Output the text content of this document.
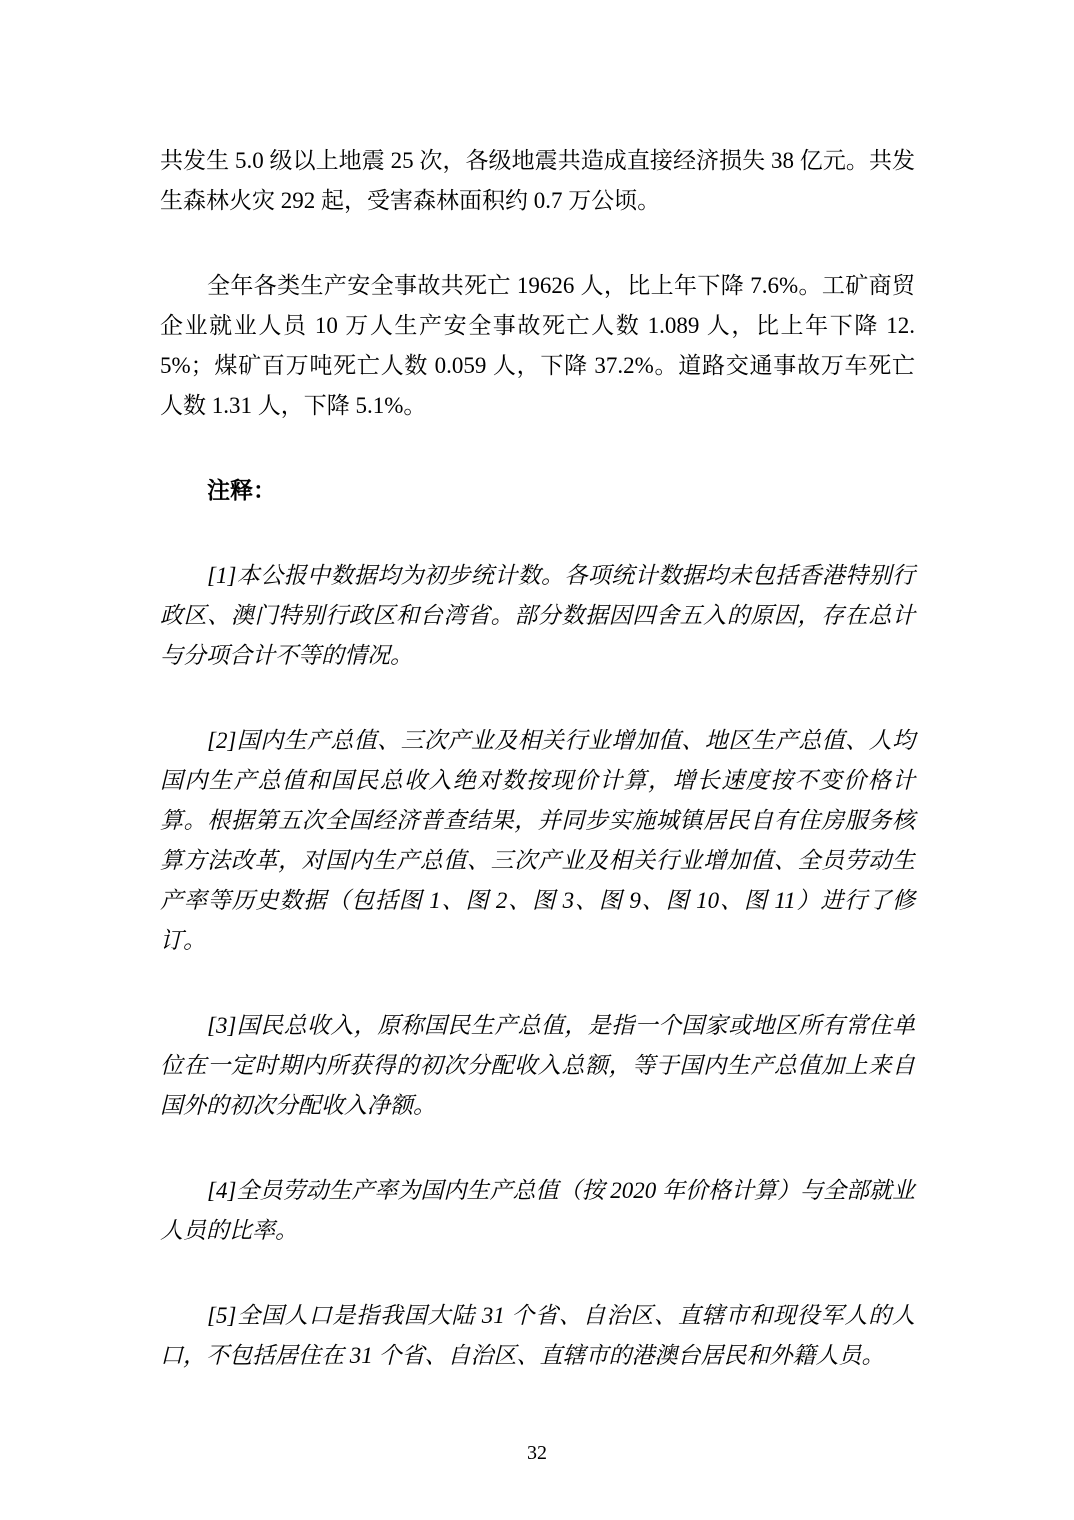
共发生 5.0 级以上地震 25 次，各级地震共造成直接经济损失 38 亿元。共发生森林火灾 292 起，受害森林面积约 0.7 万公顷。

全年各类生产安全事故共死亡 19626 人，比上年下降 7.6%。工矿商贸企业就业人员 10 万人生产安全事故死亡人数 1.089 人，比上年下降 12.5%；煤矿百万吨死亡人数 0.059 人，下降 37.2%。道路交通事故万车死亡人数 1.31 人，下降 5.1%。

注释：

[1]本公报中数据均为初步统计数。各项统计数据均未包括香港特别行政区、澳门特别行政区和台湾省。部分数据因四舍五入的原因，存在总计与分项合计不等的情况。

[2]国内生产总值、三次产业及相关行业增加值、地区生产总值、人均国内生产总值和国民总收入绝对数按现价计算，增长速度按不变价格计算。根据第五次全国经济普查结果，并同步实施城镇居民自有住房服务核算方法改革，对国内生产总值、三次产业及相关行业增加值、全员劳动生产率等历史数据（包括图 1、图 2、图 3、图 9、图 10、图 11）进行了修订。

[3]国民总收入，原称国民生产总值，是指一个国家或地区所有常住单位在一定时期内所获得的初次分配收入总额，等于国内生产总值加上来自国外的初次分配收入净额。

[4]全员劳动生产率为国内生产总值（按 2020 年价格计算）与全部就业人员的比率。

[5]全国人口是指我国大陆 31 个省、自治区、直辖市和现役军人的人口，不包括居住在 31 个省、自治区、直辖市的港澳台居民和外籍人员。

32
